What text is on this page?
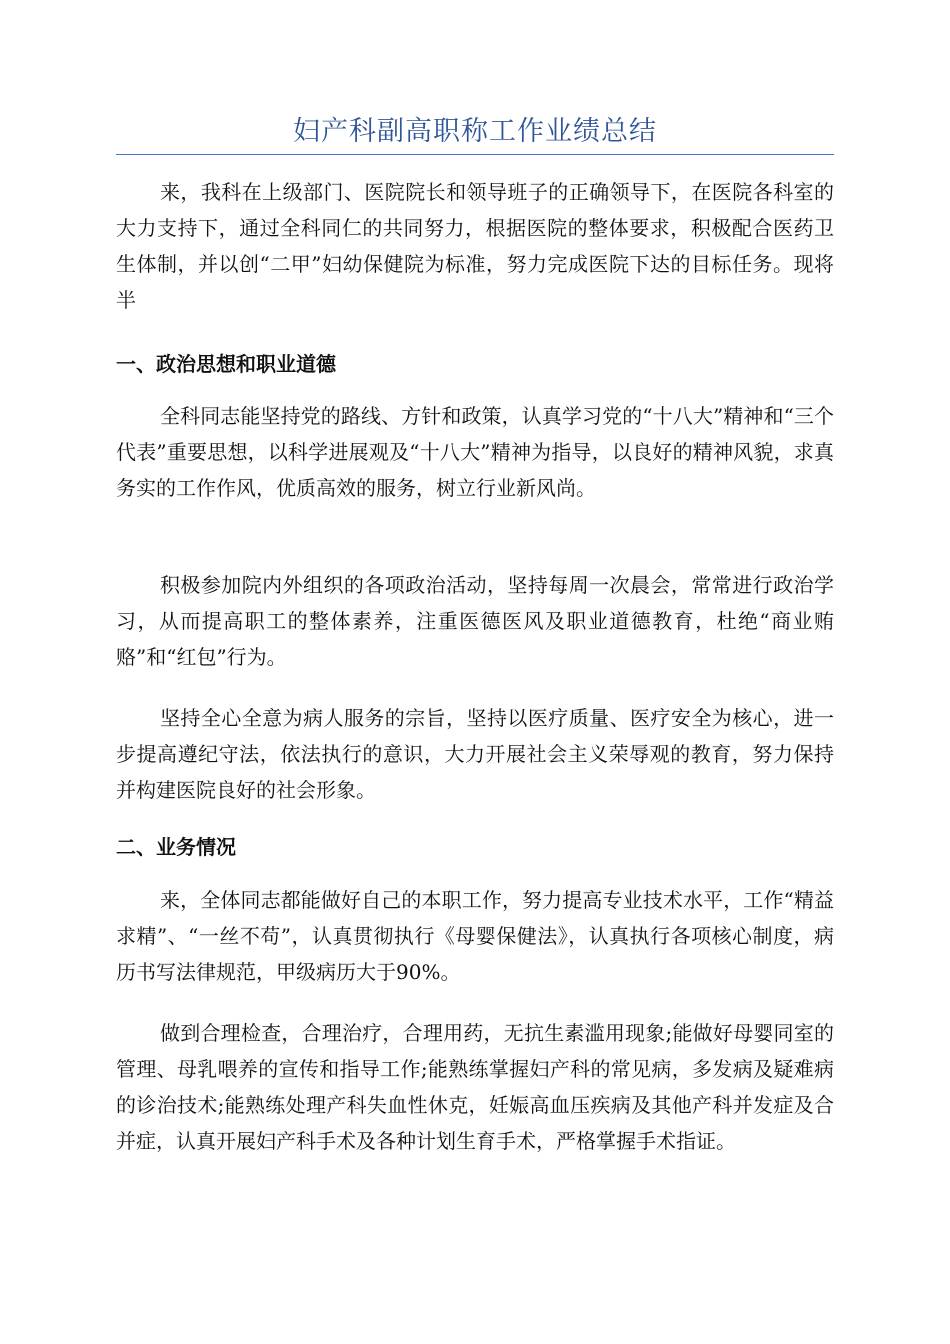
妇产科副高职称工作业绩总结

来，我科在上级部门、医院院长和领导班子的正确领导下，在医院各科室的大力支持下，通过全科同仁的共同努力，根据医院的整体要求，积极配合医药卫生体制，并以创“二甲”妇幼保健院为标准，努力完成医院下达的目标任务。现将半

一、政治思想和职业道德

全科同志能坚持党的路线、方针和政策，认真学习党的“十八大”精神和“三个代表”重要思想，以科学进展观及“十八大”精神为指导，以良好的精神风貌，求真务实的工作作风，优质高效的服务，树立行业新风尚。

积极参加院内外组织的各项政治活动，坚持每周一次晨会，常常进行政治学习，从而提高职工的整体素养，注重医德医风及职业道德教育，杜绝“商业贿赂”和“红包”行为。

坚持全心全意为病人服务的宗旨，坚持以医疗质量、医疗安全为核心，进一步提高遵纪守法，依法执行的意识，大力开展社会主义荣辱观的教育，努力保持并构建医院良好的社会形象。

二、业务情况

来，全体同志都能做好自己的本职工作，努力提高专业技术水平，工作“精益求精”、“一丝不苟”，认真贯彻执行《母婴保健法》，认真执行各项核心制度，病历书写法律规范，甲级病历大于90%。

做到合理检查，合理治疗，合理用药，无抗生素滥用现象;能做好母婴同室的管理、母乳喂养的宣传和指导工作;能熟练掌握妇产科的常见病，多发病及疑难病的诊治技术;能熟练处理产科失血性休克，妊娠高血压疾病及其他产科并发症及合并症，认真开展妇产科手术及各种计划生育手术，严格掌握手术指证。
